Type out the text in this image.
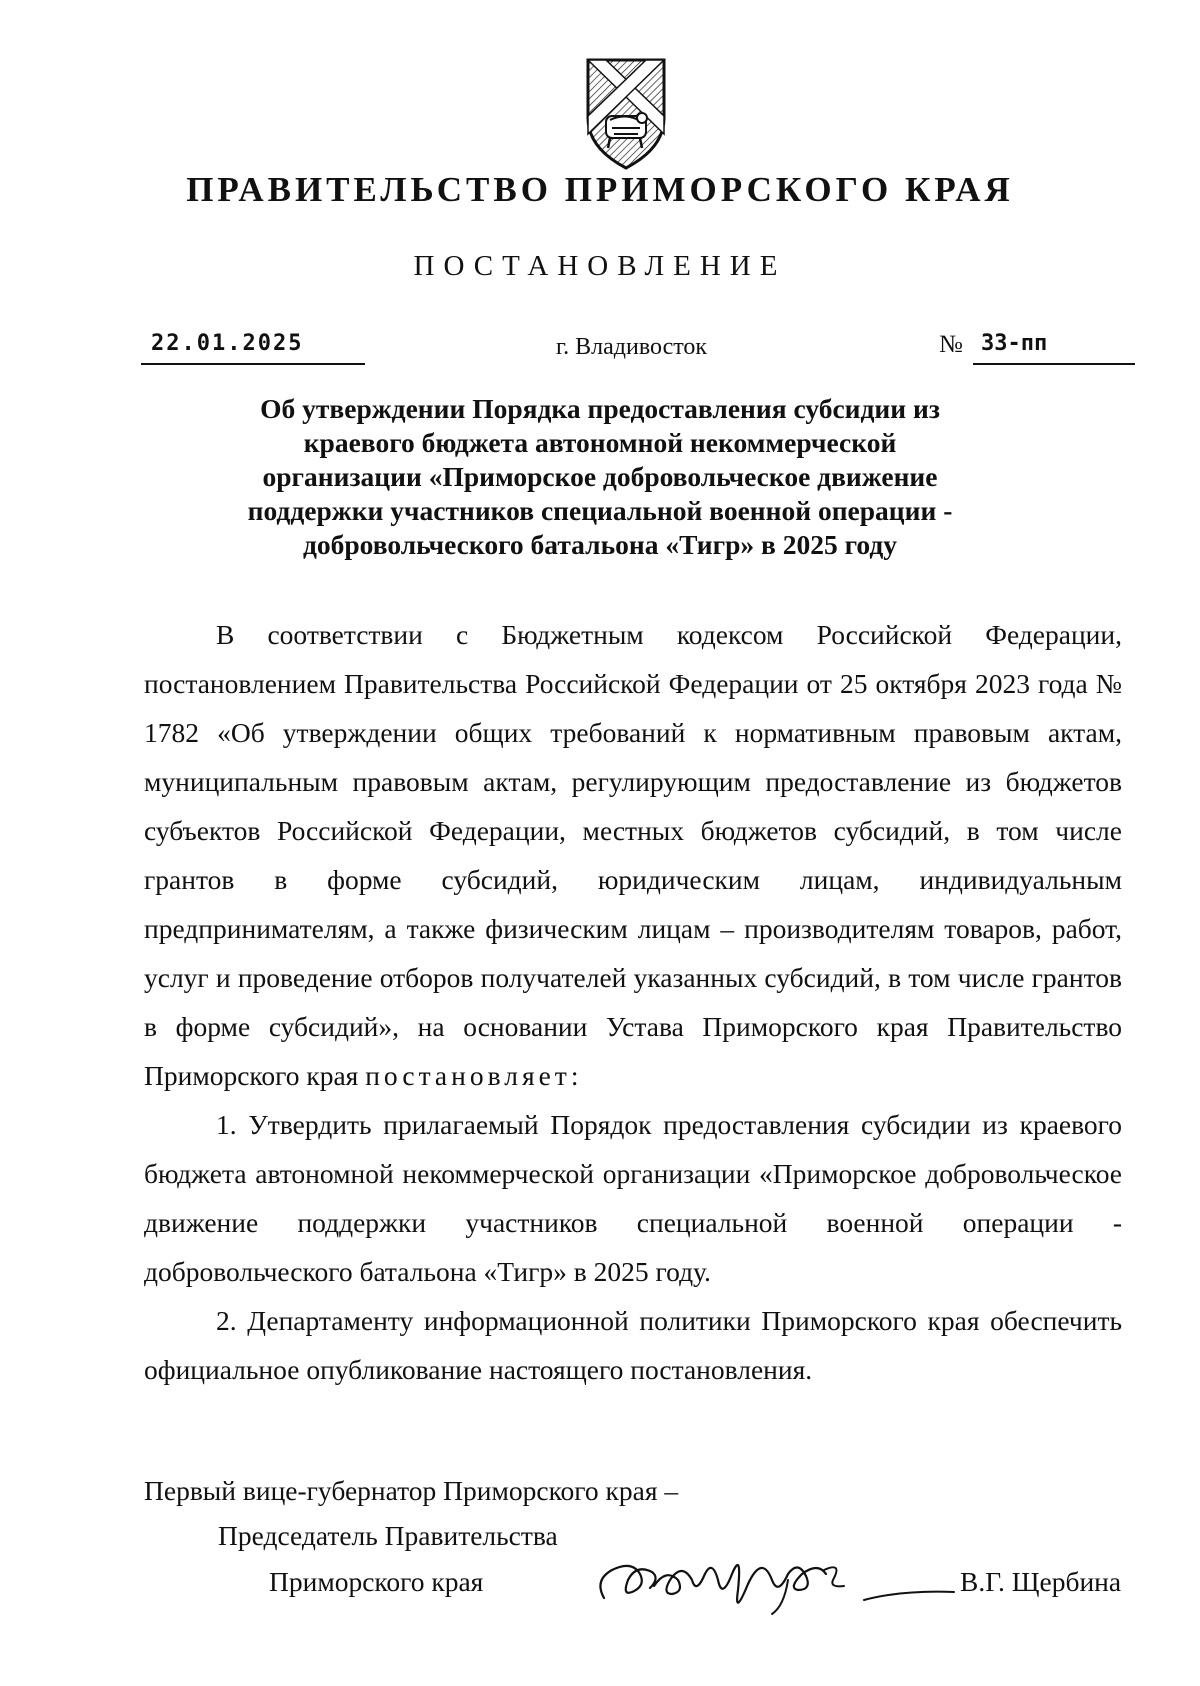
ПРАВИТЕЛЬСТВО ПРИМОРСКОГО КРАЯ
ПОСТАНОВЛЕНИЕ
22.01.2025	г. Владивосток	№ 33-пп
Об утверждении Порядка предоставления субсидии из
краевого бюджета автономной некоммерческой
организации «Приморское добровольческое движение
поддержки участников специальной военной операции -
добровольческого батальона «Тигр» в 2025 году

В соответствии с Бюджетным кодексом Российской Федерации, постановлением Правительства Российской Федерации от 25 октября 2023 года № 1782 «Об утверждении общих требований к нормативным правовым актам, муниципальным правовым актам, регулирующим предоставление из бюджетов субъектов Российской Федерации, местных бюджетов субсидий, в том числе грантов в форме субсидий, юридическим лицам, индивидуальным предпринимателям, а также физическим лицам – производителям товаров, работ, услуг и проведение отборов получателей указанных субсидий, в том числе грантов в форме субсидий», на основании Устава Приморского края Правительство Приморского края постановляет:

1. Утвердить прилагаемый Порядок предоставления субсидии из краевого бюджета автономной некоммерческой организации «Приморское добровольческое движение поддержки участников специальной военной операции - добровольческого батальона «Тигр» в 2025 году.

2. Департаменту информационной политики Приморского края обеспечить официальное опубликование настоящего постановления.

Первый вице-губернатор Приморского края –
Председатель Правительства
Приморского края	В.Г. Щербина
